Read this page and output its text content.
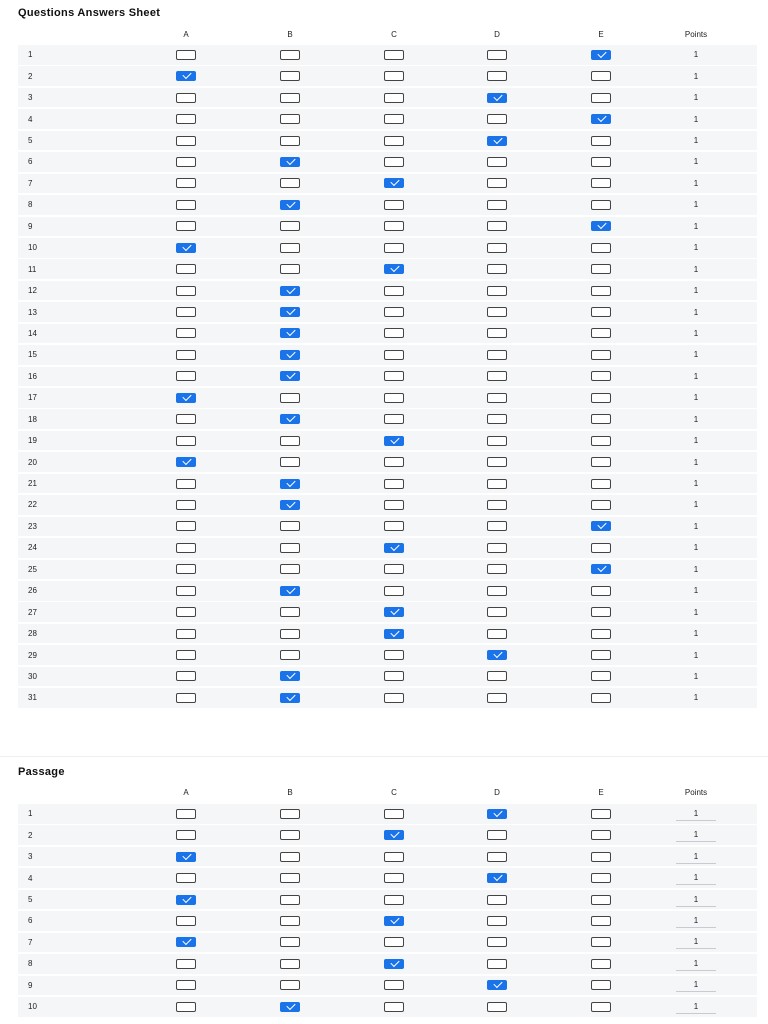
Questions Answers Sheet
A	B	C	D	E	Points
1	1
2	1
3	1
4	1
5	1
6	1
7	1
8	1
9	1
10	1
11	1
12	1
13	1
14	1
15	1
16	1
17	1
18	1
19	1
20	1
21	1
22	1
23	1
24	1
25	1
26	1
27	1
28	1
29	1
30	1
31	1
Passage
A	B	C	D	E	Points
1	1
2	1
3	1
4	1
5	1
6	1
7	1
8	1
9	1
10	1
